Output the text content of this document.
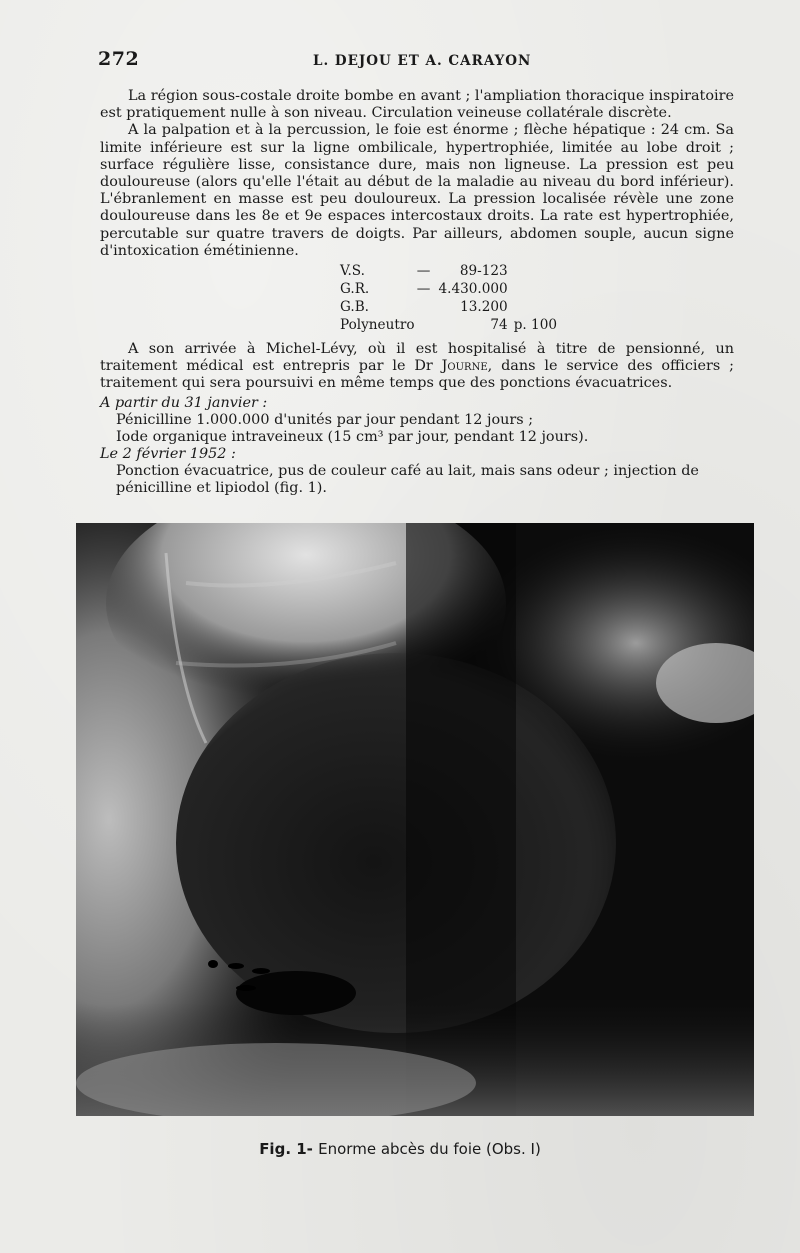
272	L. DEJOU ET A. CARAYON

La région sous-costale droite bombe en avant ; l'ampliation thoracique inspiratoire est pratiquement nulle à son niveau. Circulation veineuse collatérale discrète.

A la palpation et à la percussion, le foie est énorme ; flèche hépatique : 24 cm. Sa limite inférieure est sur la ligne ombilicale, hypertrophiée, limitée au lobe droit ; surface régulière lisse, consistance dure, mais non ligneuse. La pression est peu douloureuse (alors qu'elle l'était au début de la maladie au niveau du bord inférieur). L'ébranlement en masse est peu douloureux. La pression localisée révèle une zone douloureuse dans les 8e et 9e espaces intercostaux droits. La rate est hypertrophiée, percutable sur quatre travers de doigts. Par ailleurs, abdomen souple, aucun signe d'intoxication émétinienne.

V.S.	—	89-123	
G.R.	—	4.430.000	
G.B.		13.200	
Polyneutro		74	p. 100

A son arrivée à Michel-Lévy, où il est hospitalisé à titre de pensionné, un traitement médical est entrepris par le Dr Journe, dans le service des officiers ; traitement qui sera poursuivi en même temps que des ponctions évacuatrices.

A partir du 31 janvier :

Pénicilline 1.000.000 d'unités par jour pendant 12 jours ;

Iode organique intraveineux (15 cm³ par jour, pendant 12 jours).

Le 2 février 1952 :

Ponction évacuatrice, pus de couleur café au lait, mais sans odeur ; injection de pénicilline et lipiodol (fig. 1).

Fig. 1- Enorme abcès du foie (Obs. I)
